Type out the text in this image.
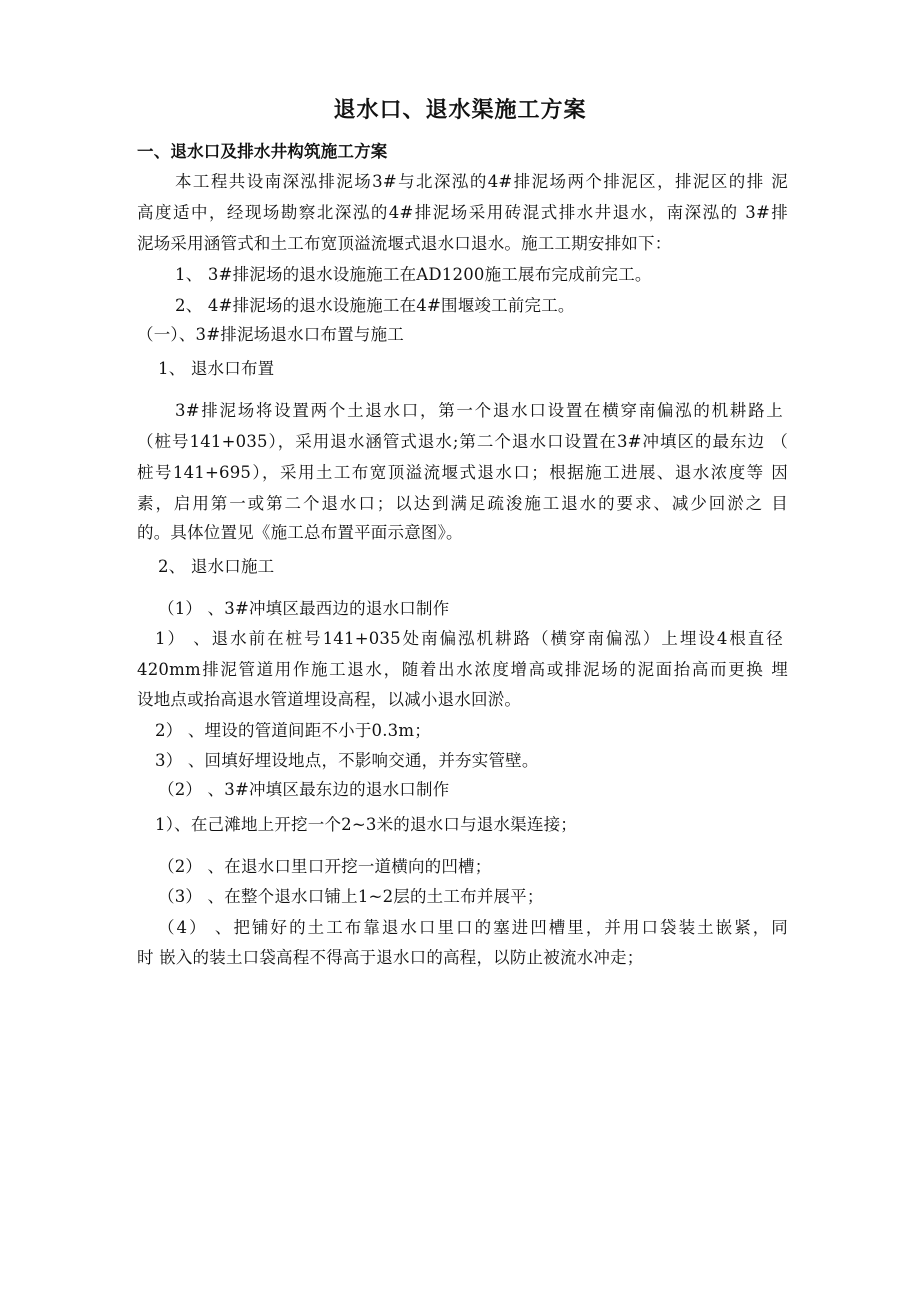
退水口、退水渠施工方案
一、退水口及排水井构筑施工方案
本工程共设南深泓排泥场3#与北深泓的4#排泥场两个排泥区，排泥区的排 泥
高度适中，经现场勘察北深泓的4#排泥场采用砖混式排水井退水，南深泓的 3#排
泥场采用涵管式和土工布宽顶溢流堰式退水口退水。施工工期安排如下：
1、 3#排泥场的退水设施施工在AD1200施工展布完成前完工。
2、 4#排泥场的退水设施施工在4#围堰竣工前完工。
（一）、3#排泥场退水口布置与施工
1、 退水口布置
3#排泥场将设置两个土退水口，第一个退水口设置在横穿南偏泓的机耕路上
（桩号141+035），采用退水涵管式退水;第二个退水口设置在3#冲填区的最东边 （
桩号141+695），采用土工布宽顶溢流堰式退水口；根据施工进展、退水浓度等 因
素，启用第一或第二个退水口；以达到满足疏浚施工退水的要求、减少回淤之 目
的。具体位置见《施工总布置平面示意图》。
2、 退水口施工
（1） 、3#冲填区最西边的退水口制作
1） 、退水前在桩号141+035处南偏泓机耕路（横穿南偏泓）上埋设4根直径
420mm排泥管道用作施工退水，随着出水浓度增高或排泥场的泥面抬高而更换 埋
设地点或抬高退水管道埋设高程，以减小退水回淤。
2） 、埋设的管道间距不小于0.3m；
3） 、回填好埋设地点，不影响交通，并夯实管壁。
（2） 、3#冲填区最东边的退水口制作
1）、在己滩地上开挖一个2~3米的退水口与退水渠连接；
（2） 、在退水口里口开挖一道横向的凹槽；
（3） 、在整个退水口铺上1~2层的土工布并展平；
（4） 、把铺好的土工布靠退水口里口的塞进凹槽里，并用口袋装土嵌紧，同
时 嵌入的装土口袋高程不得高于退水口的高程，以防止被流水冲走；
